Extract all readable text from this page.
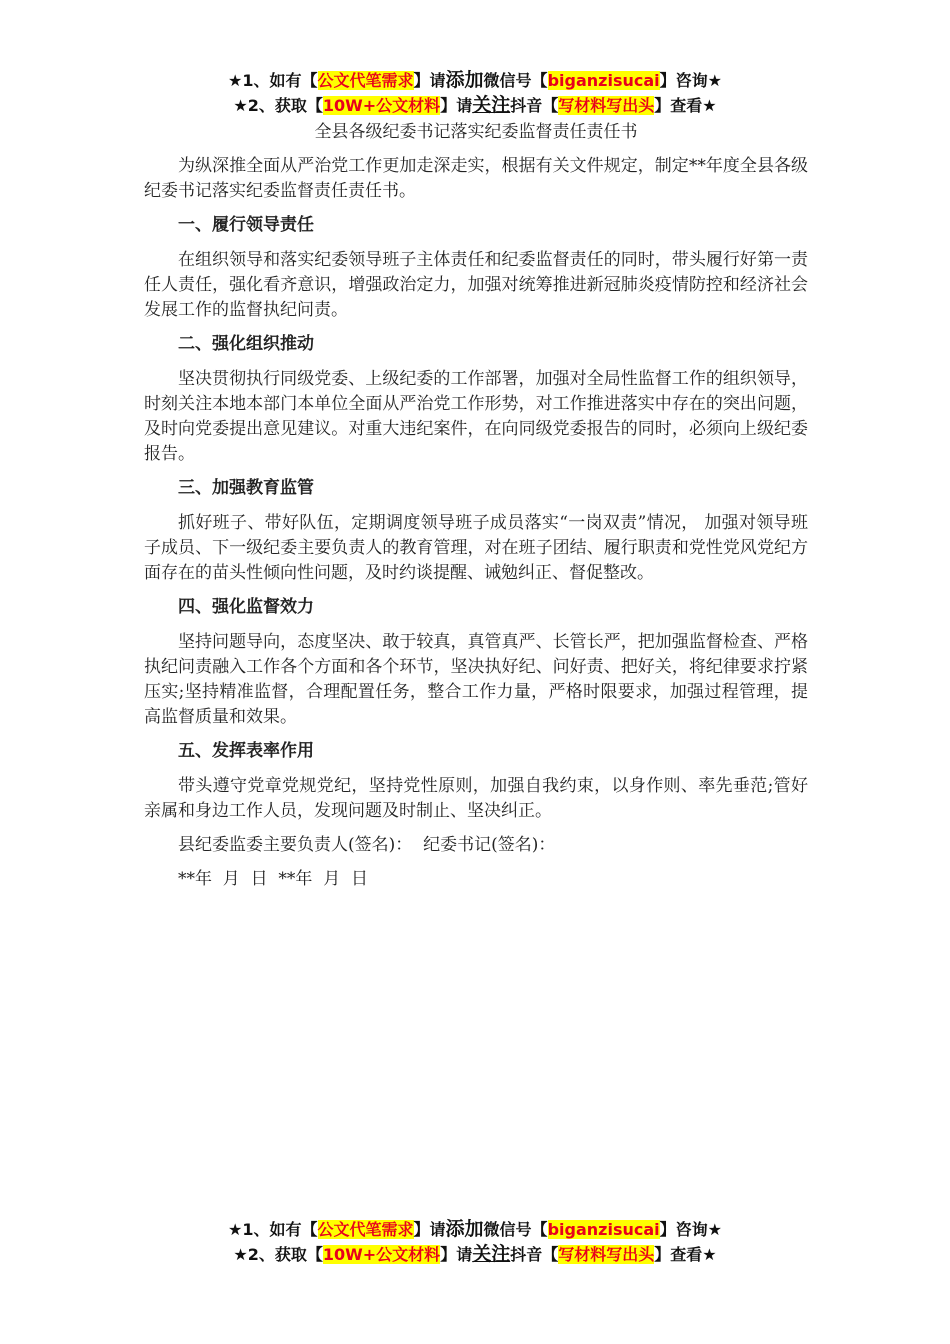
★1、如有【公文代笔需求】请添加微信号【biganzisucai】咨询★
★2、获取【10W+公文材料】请关注抖音【写材料写出头】查看★
全县各级纪委书记落实纪委监督责任责任书

为纵深推全面从严治党工作更加走深走实，根据有关文件规定，制定**年度全县各级纪委书记落实纪委监督责任责任书。

一、履行领导责任

在组织领导和落实纪委领导班子主体责任和纪委监督责任的同时，带头履行好第一责任人责任，强化看齐意识，增强政治定力，加强对统筹推进新冠肺炎疫情防控和经济社会发展工作的监督执纪问责。

二、强化组织推动

坚决贯彻执行同级党委、上级纪委的工作部署，加强对全局性监督工作的组织领导，时刻关注本地本部门本单位全面从严治党工作形势，对工作推进落实中存在的突出问题，及时向党委提出意见建议。对重大违纪案件，在向同级党委报告的同时，必须向上级纪委报告。

三、加强教育监管

抓好班子、带好队伍，定期调度领导班子成员落实“一岗双责”情况， 加强对领导班子成员、下一级纪委主要负责人的教育管理，对在班子团结、履行职责和党性党风党纪方面存在的苗头性倾向性问题，及时约谈提醒、诫勉纠正、督促整改。

四、强化监督效力

坚持问题导向，态度坚决、敢于较真，真管真严、长管长严，把加强监督检查、严格执纪问责融入工作各个方面和各个环节，坚决执好纪、问好责、把好关，将纪律要求拧紧压实;坚持精准监督，合理配置任务，整合工作力量，严格时限要求，加强过程管理，提高监督质量和效果。

五、发挥表率作用

带头遵守党章党规党纪，坚持党性原则，加强自我约束，以身作则、率先垂范;管好亲属和身边工作人员，发现问题及时制止、坚决纠正。

县纪委监委主要负责人(签名)：  纪委书记(签名)：

**年  月  日  **年  月  日

★1、如有【公文代笔需求】请添加微信号【biganzisucai】咨询★
★2、获取【10W+公文材料】请关注抖音【写材料写出头】查看★
